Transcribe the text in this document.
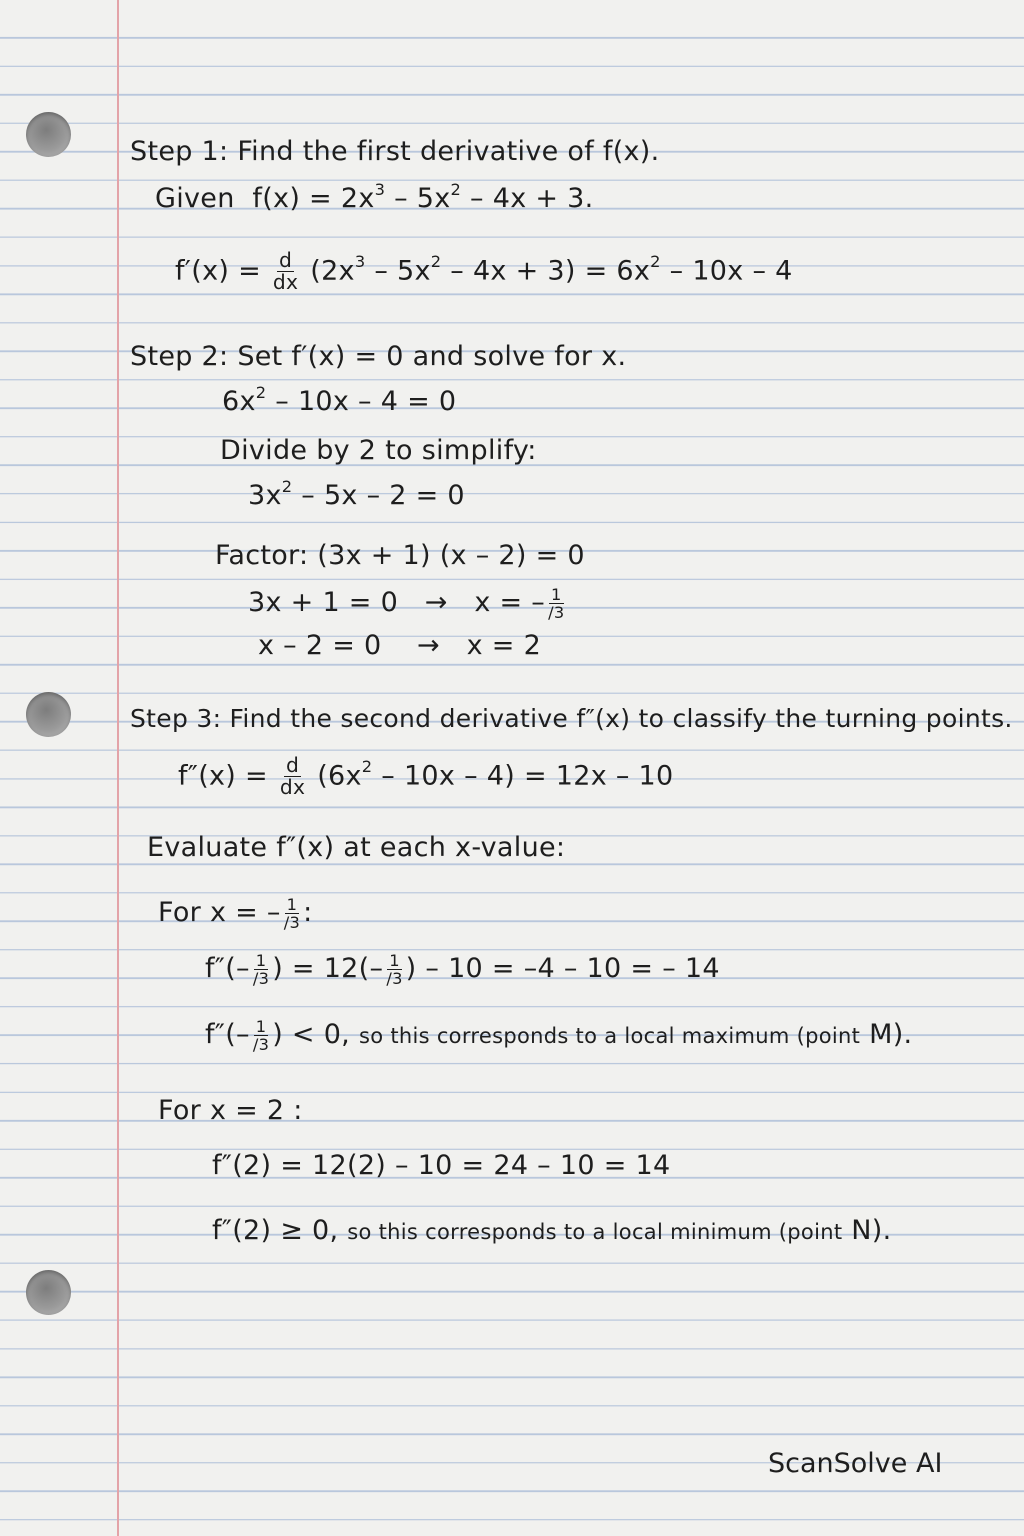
Step 1: Find the first derivative of f(x).
Given $f(x) = 2x^3 - 5x^2 - 4x + 3$.
$f'(x) = \frac{d}{dx} (2x^3 - 5x^2 - 4x + 3) = 6x^2 - 10x - 4$
Step 2: Set f′(x) = 0 and solve for x.
$6x^2 - 10x - 4 = 0$
Divide by 2 to simplify:
$3x^2 - 5x - 2 = 0$
Factor: (3x + 1) (x – 2) = 0
3x + 1 = 0 → x = – $\frac{1}{/3}$
x – 2 = 0 → x = 2
Step 3: Find the second derivative f″(x) to classify the turning points.
$f''(x) = \frac{d}{dx} (6x^2 - 10x - 4) = 12x - 10$
Evaluate f″(x) at each x-value:
For x = – $\frac{1}{/3}$ :
$f''(- \frac{1}{/3}$ ) = $12(- \frac{1}{/3}$ ) – 10 = –4 – 10 = – 14
$f''(- \frac{1}{/3}$ ) < 0, so this corresponds to a local maximum (point M).
For x = 2 :
f″(2) = 12(2) – 10 = 24 – 10 = 14
f″(2) ≥ 0, so this corresponds to a local minimum (point N).
ScanSolve AI
